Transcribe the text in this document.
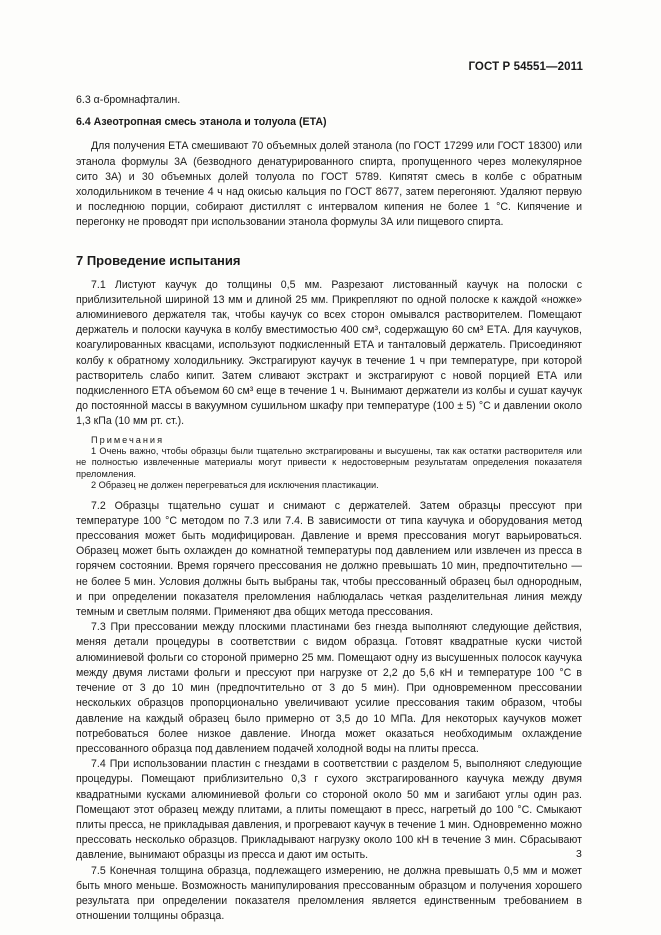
ГОСТ Р 54551—2011

6.3 α-бромнафталин.

6.4 Азеотропная смесь этанола и толуола (ЕТА)

Для получения ЕТА смешивают 70 объемных долей этанола (по ГОСТ 17299 или ГОСТ 18300) или этанола формулы 3А (безводного денатурированного спирта, пропущенного через молекулярное сито 3А) и 30 объемных долей толуола по ГОСТ 5789. Кипятят смесь в колбе с обратным холодильником в течение 4 ч над окисью кальция по ГОСТ 8677, затем перегоняют. Удаляют первую и последнюю порции, собирают дистиллят с интервалом кипения не более 1 °С. Кипячение и перегонку не проводят при использовании этанола формулы 3А или пищевого спирта.

7 Проведение испытания

7.1 Листуют каучук до толщины 0,5 мм. Разрезают листованный каучук на полоски с приблизительной шириной 13 мм и длиной 25 мм. Прикрепляют по одной полоске к каждой «ножке» алюминиевого держателя так, чтобы каучук со всех сторон омывался растворителем. Помещают держатель и полоски каучука в колбу вместимостью 400 см³, содержащую 60 см³ ЕТА. Для каучуков, коагулированных квасцами, используют подкисленный ЕТА и танталовый держатель. Присоединяют колбу к обратному холодильнику. Экстрагируют каучук в течение 1 ч при температуре, при которой растворитель слабо кипит. Затем сливают экстракт и экстрагируют с новой порцией ЕТА или подкисленного ЕТА объемом 60 см³ еще в течение 1 ч. Вынимают держатели из колбы и сушат каучук до постоянной массы в вакуумном сушильном шкафу при температуре (100 ± 5) °С и давлении около 1,3 кПа (10 мм рт. ст.).

Примечания

1 Очень важно, чтобы образцы были тщательно экстрагированы и высушены, так как остатки растворителя или не полностью извлеченные материалы могут привести к недостоверным результатам определения показателя преломления.

2 Образец не должен перегреваться для исключения пластикации.

7.2 Образцы тщательно сушат и снимают с держателей. Затем образцы прессуют при температуре 100 °С методом по 7.3 или 7.4. В зависимости от типа каучука и оборудования метод прессования может быть модифицирован. Давление и время прессования могут варьироваться. Образец может быть охлажден до комнатной температуры под давлением или извлечен из пресса в горячем состоянии. Время горячего прессования не должно превышать 10 мин, предпочтительно — не более 5 мин. Условия должны быть выбраны так, чтобы прессованный образец был однородным, и при определении показателя преломления наблюдалась четкая разделительная линия между темным и светлым полями. Применяют два общих метода прессования.

7.3 При прессовании между плоскими пластинами без гнезда выполняют следующие действия, меняя детали процедуры в соответствии с видом образца. Готовят квадратные куски чистой алюминиевой фольги со стороной примерно 25 мм. Помещают одну из высушенных полосок каучука между двумя листами фольги и прессуют при нагрузке от 2,2 до 5,6 кН и температуре 100 °С в течение от 3 до 10 мин (предпочтительно от 3 до 5 мин). При одновременном прессовании нескольких образцов пропорционально увеличивают усилие прессования таким образом, чтобы давление на каждый образец было примерно от 3,5 до 10 МПа. Для некоторых каучуков может потребоваться более низкое давление. Иногда может оказаться необходимым охлаждение прессованного образца под давлением подачей холодной воды на плиты пресса.

7.4 При использовании пластин с гнездами в соответствии с разделом 5, выполняют следующие процедуры. Помещают приблизительно 0,3 г сухого экстрагированного каучука между двумя квадратными кусками алюминиевой фольги со стороной около 50 мм и загибают углы один раз. Помещают этот образец между плитами, а плиты помещают в пресс, нагретый до 100 °С. Смыкают плиты пресса, не прикладывая давления, и прогревают каучук в течение 1 мин. Одновременно можно прессовать несколько образцов. Прикладывают нагрузку около 100 кН в течение 3 мин. Сбрасывают давление, вынимают образцы из пресса и дают им остыть.

7.5 Конечная толщина образца, подлежащего измерению, не должна превышать 0,5 мм и может быть много меньше. Возможность манипулирования прессованным образцом и получения хорошего результата при определении показателя преломления является единственным требованием в отношении толщины образца.

3
